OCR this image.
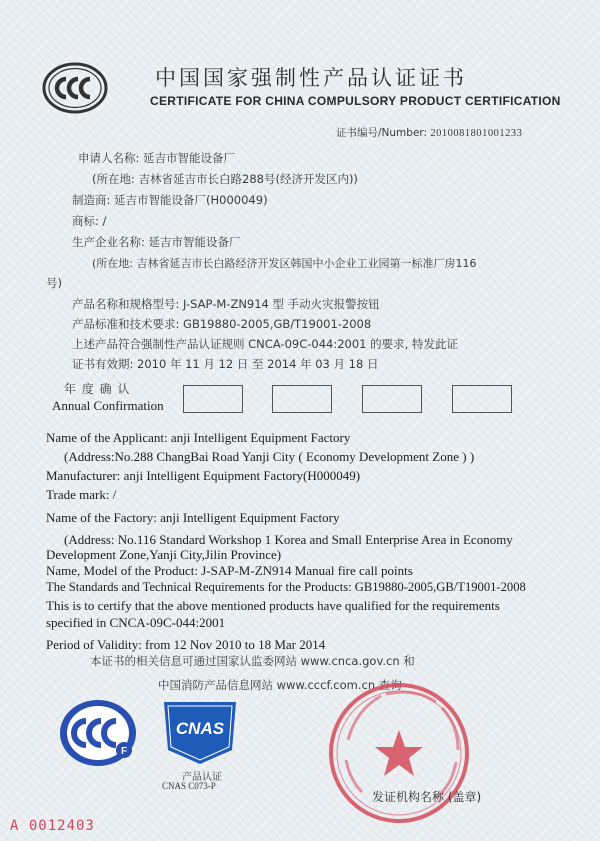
中国国家强制性产品认证证书
CERTIFICATE FOR CHINA COMPULSORY PRODUCT CERTIFICATION
证书编号/Number: 2010081801001233
申请人名称: 延吉市智能设备厂
(所在地: 吉林省延吉市长白路288号(经济开发区内))
制造商: 延吉市智能设备厂(H000049)
商标: /
生产企业名称: 延吉市智能设备厂
(所在地: 吉林省延吉市长白路经济开发区韩国中小企业工业园第一标准厂房116
号)
产品名称和规格型号: J-SAP-M-ZN914 型 手动火灾报警按钮
产品标准和技术要求: GB19880-2005,GB/T19001-2008
上述产品符合强制性产品认证规则 CNCA-09C-044:2001 的要求, 特发此证
证书有效期: 2010 年 11 月 12 日 至 2014 年 03 月 18 日
年 度 确 认
Annual Confirmation
Name of the Applicant: anji Intelligent Equipment Factory
(Address:No.288 ChangBai Road Yanji City ( Economy Development Zone ) )
Manufacturer: anji Intelligent Equipment Factory(H000049)
Trade mark: /
Name of the Factory: anji Intelligent Equipment Factory
(Address: No.116 Standard Workshop 1 Korea and Small Enterprise Area in Economy
Development Zone,Yanji City,Jilin Province)
Name, Model of the Product: J-SAP-M-ZN914 Manual fire call points
The Standards and Technical Requirements for the Products: GB19880-2005,GB/T19001-2008
This is to certify that the above mentioned products have qualified for the requirements
specified in CNCA-09C-044:2001
Period of Validity: from 12 Nov 2010 to 18 Mar 2014
本证书的相关信息可通过国家认监委网站 www.cnca.gov.cn 和
中国消防产品信息网站 www.cccf.com.cn 查询
F
CNAS
产品认证
CNAS C073-P
发证机构名称 (盖章)
A 0012403
